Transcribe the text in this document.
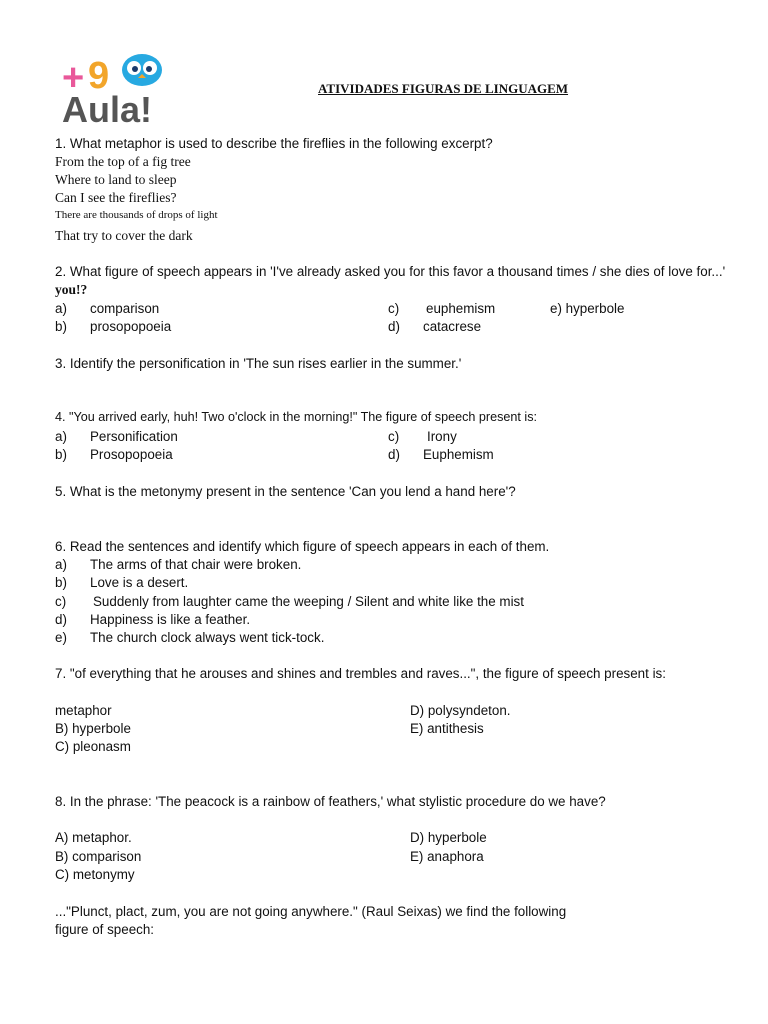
+ 9
Aula!
ATIVIDADES FIGURAS DE LINGUAGEM
1. What metaphor is used to describe the fireflies in the following excerpt?
From the top of a fig tree
Where to land to sleep
Can I see the fireflies?
There are thousands of drops of light
That try to cover the dark
2. What figure of speech appears in 'I've already asked you for this favor a thousand times / she dies of love for...'
you!?
a) comparison
b) prosopopoeia
c) euphemism
d) catacrese
e) hyperbole
3. Identify the personification in 'The sun rises earlier in the summer.'
4. "You arrived early, huh! Two o'clock in the morning!" The figure of speech present is:
a) Personification
b) Prosopopoeia
c) Irony
d) Euphemism
5. What is the metonymy present in the sentence 'Can you lend a hand here'?
6. Read the sentences and identify which figure of speech appears in each of them.
a) The arms of that chair were broken.
b) Love is a desert.
c) Suddenly from laughter came the weeping / Silent and white like the mist
d) Happiness is like a feather.
e) The church clock always went tick-tock.
7. "of everything that he arouses and shines and trembles and raves...", the figure of speech present is:
metaphor
B) hyperbole
C) pleonasm
D) polysyndeton.
E) antithesis
8. In the phrase: 'The peacock is a rainbow of feathers,' what stylistic procedure do we have?
A) metaphor.
B) comparison
C) metonymy
D) hyperbole
E) anaphora
..."Plunct, plact, zum, you are not going anywhere." (Raul Seixas) we find the following
figure of speech:
